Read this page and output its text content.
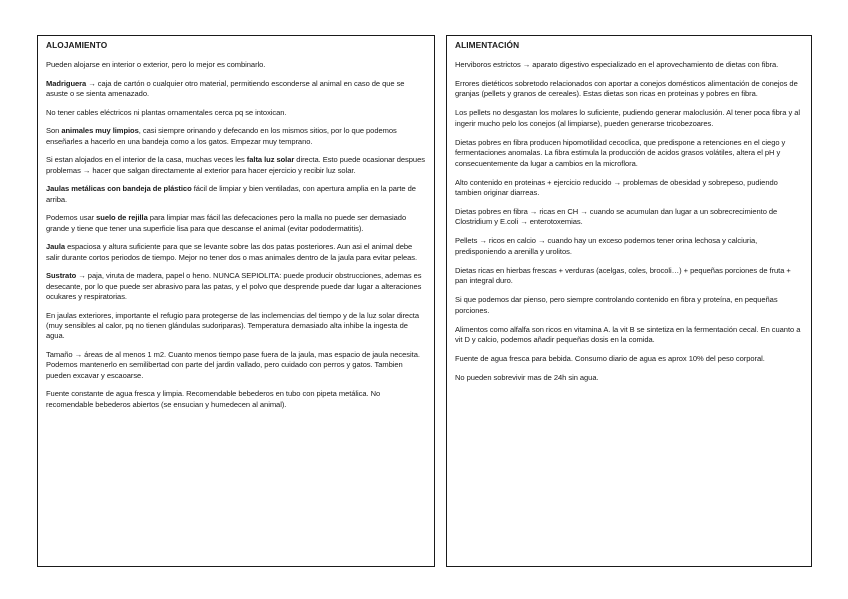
ALOJAMIENTO

Pueden alojarse en interior o exterior, pero lo mejor es combinarlo.

Madriguera → caja de cartón o cualquier otro material, permitiendo esconderse al animal en caso de que se asuste o se sienta amenazado.

No tener cables eléctricos ni plantas ornamentales cerca pq se intoxican.

Son animales muy limpios, casi siempre orinando y defecando en los mismos sitios, por lo que podemos enseñarles a hacerlo en una bandeja como a los gatos. Empezar muy temprano.

Si estan alojados en el interior de la casa, muchas veces les falta luz solar directa. Esto puede ocasionar despues problemas → hacer que salgan directamente al exterior para hacer ejercicio y recibir luz solar.

Jaulas metálicas con bandeja de plástico fácil de limpiar y bien ventiladas, con apertura amplia en la parte de arriba.

Podemos usar suelo de rejilla para limpiar mas fácil las defecaciones pero la malla no puede ser demasiado grande y tiene que tener una superficie lisa para que descanse el animal (evitar pododermatitis).

Jaula espaciosa y altura suficiente para que se levante sobre las dos patas posteriores. Aun asi el animal debe salir durante cortos periodos de tiempo. Mejor no tener dos o mas animales dentro de la jaula para evitar peleas.

Sustrato → paja, viruta de madera, papel o heno. NUNCA SEPIOLITA: puede producir obstrucciones, ademas es desecante, por lo que puede ser abrasivo para las patas, y el polvo que desprende puede dar lugar a alteraciones ocukares y respiratorias.

En jaulas exteriores, importante el refugio para protegerse de las inclemencias del tiempo y de la luz solar directa (muy sensibles al calor, pq no tienen glándulas sudoriparas). Temperatura demasiado alta inhibe la ingesta de agua.

Tamaño → áreas de al menos 1 m2. Cuanto menos tiempo pase fuera de la jaula, mas espacio de jaula necesita. Podemos mantenerlo en semilibertad con parte del jardin vallado, pero cuidado con perros y gatos. Tambien pueden excavar y escaoarse.

Fuente constante de agua fresca y limpia. Recomendable bebederos en tubo con pipeta metálica. No recomendable bebederos abiertos (se ensucian y humedecen al animal).

ALIMENTACIÓN

Herviboros estrictos → aparato digestivo especializado en el aprovechamiento de dietas con fibra.

Errores dietéticos sobretodo relacionados con aportar a conejos domésticos alimentación de conejos de granjas (pellets y granos de cereales). Estas dietas son ricas en proteinas y pobres en fibra.

Los pellets no desgastan los molares lo suficiente, pudiendo generar maloclusión. Al tener poca fibra y al ingerir mucho pelo los conejos (al limpiarse), pueden generarse tricobezoares.

Dietas pobres en fibra producen hipomotilidad cecoclica, que predispone a retenciones en el ciego y fermentaciones anomalas. La fibra estimula la producción de acidos grasos volátiles, altera el pH y consecuentemente da lugar a cambios en la microflora.

Alto contenido en proteinas + ejercicio reducido → problemas de obesidad y sobrepeso, pudiendo tambien originar diarreas.

Dietas pobres en fibra → ricas en CH → cuando se acumulan dan lugar a un sobrecrecimiento de Clostridium y E.coli → enterotoxemias.

Pellets → ricos en calcio → cuando hay un exceso podemos tener orina lechosa y calciuria, predisponiendo a arenilla y urolitos.

Dietas ricas en hierbas frescas + verduras (acelgas, coles, brocoli…) + pequeñas porciones de fruta + pan integral duro.

Si que podemos dar pienso, pero siempre controlando contenido en fibra y proteína, en pequeñas porciones.

Alimentos como alfalfa son ricos en vitamina A. la vit B se sintetiza en la fermentación cecal. En cuanto a vit D y calcio, podemos añadir pequeñas dosis en la comida.

Fuente de agua fresca para bebida. Consumo diario de agua es aprox 10% del peso corporal.

No pueden sobrevivir mas de 24h sin agua.
